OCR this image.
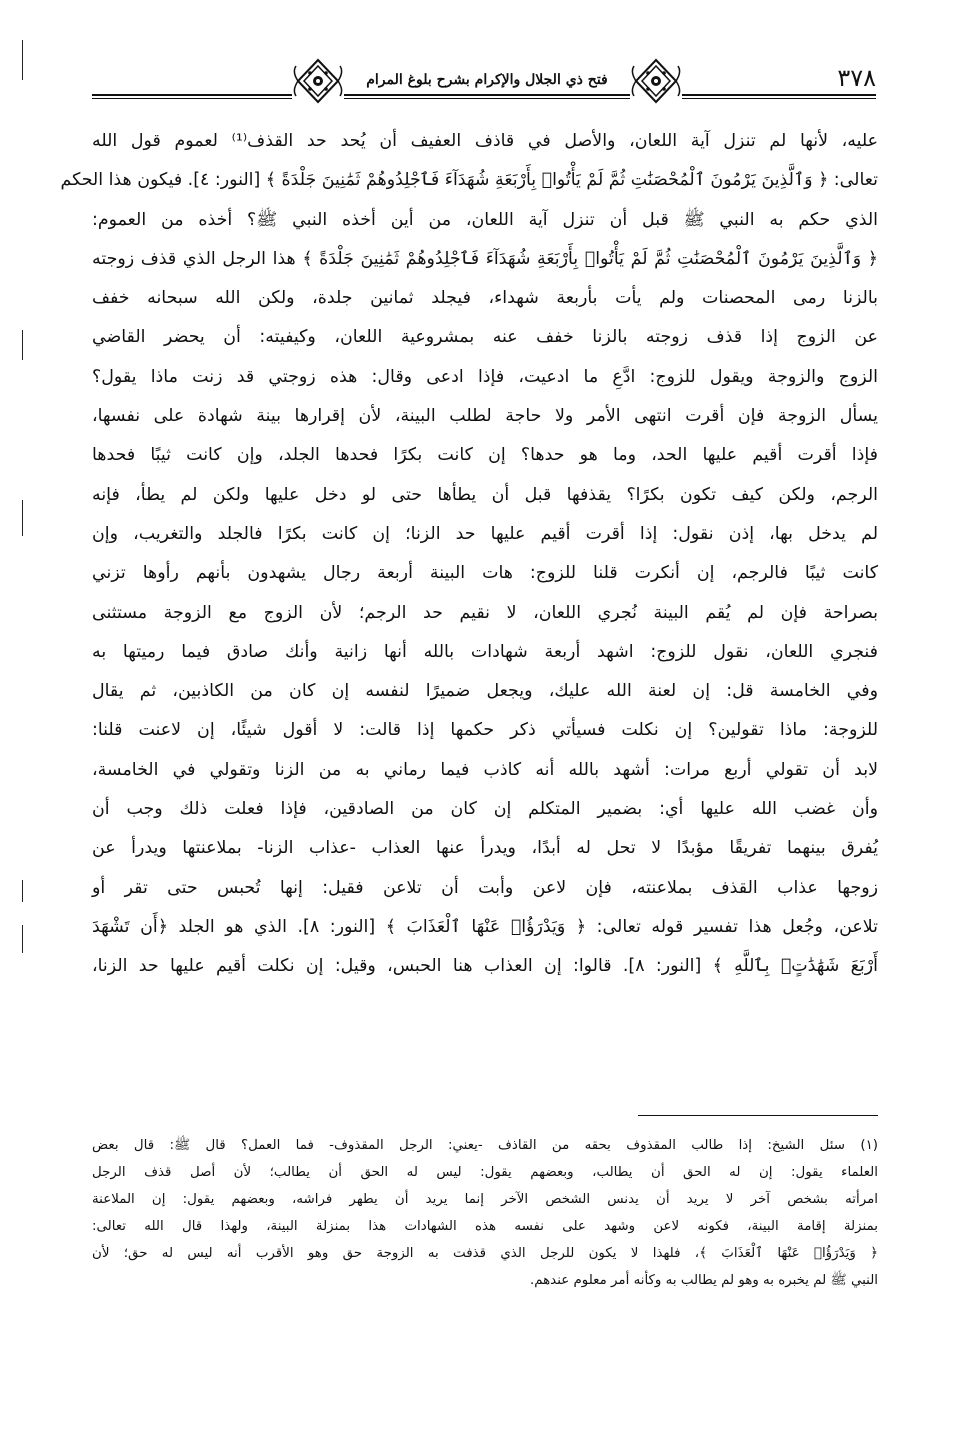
فتح ذي الجلال والإكرام بشرح بلوغ المرام	٣٧٨
عليه، لأنها لم تنزل آية اللعان، والأصل في قاذف العفيف أن يُحد حد القذف⁽¹⁾ لعموم قول الله
تعالى: ﴿ وَٱلَّذِينَ يَرْمُونَ ٱلْمُحْصَنَٰتِ ثُمَّ لَمْ يَأْتُوا۟ بِأَرْبَعَةِ شُهَدَآءَ فَٱجْلِدُوهُمْ ثَمَٰنِينَ جَلْدَةً ﴾ [النور: ٤]. فيكون هذا الحكم
الذي حكم به النبي ﷺ قبل أن تنزل آية اللعان، من أين أخذه النبي ﷺ؟ أخذه من العموم:
﴿ وَٱلَّذِينَ يَرْمُونَ ٱلْمُحْصَنَٰتِ ثُمَّ لَمْ يَأْتُوا۟ بِأَرْبَعَةِ شُهَدَآءَ فَٱجْلِدُوهُمْ ثَمَٰنِينَ جَلْدَةً ﴾ هذا الرجل الذي قذف زوجته
بالزنا رمى المحصنات ولم يأت بأربعة شهداء، فيجلد ثمانين جلدة، ولكن الله سبحانه خفف
عن الزوج إذا قذف زوجته بالزنا خفف عنه بمشروعية اللعان، وكيفيته: أن يحضر القاضي
الزوج والزوجة ويقول للزوج: ادَّعِ ما ادعيت، فإذا ادعى وقال: هذه زوجتي قد زنت ماذا يقول؟
يسأل الزوجة فإن أقرت انتهى الأمر ولا حاجة لطلب البينة، لأن إقرارها بينة شهادة على نفسها،
فإذا أقرت أقيم عليها الحد، وما هو حدها؟ إن كانت بكرًا فحدها الجلد، وإن كانت ثيبًا فحدها
الرجم، ولكن كيف تكون بكرًا؟ يقذفها قبل أن يطأها حتى لو دخل عليها ولكن لم يطأ، فإنه
لم يدخل بها، إذن نقول: إذا أقرت أقيم عليها حد الزنا؛ إن كانت بكرًا فالجلد والتغريب، وإن
كانت ثيبًا فالرجم، إن أنكرت قلنا للزوج: هات البينة أربعة رجال يشهدون بأنهم رأوها تزني
بصراحة فإن لم يُقم البينة نُجري اللعان، لا نقيم حد الرجم؛ لأن الزوج مع الزوجة مستثنى
فنجري اللعان، نقول للزوج: اشهد أربعة شهادات بالله أنها زانية وأنك صادق فيما رميتها به
وفي الخامسة قل: إن لعنة الله عليك، ويجعل ضميرًا لنفسه إن كان من الكاذبين، ثم يقال
للزوجة: ماذا تقولين؟ إن نكلت فسيأتي ذكر حكمها إذا قالت: لا أقول شيئًا، إن لاعنت قلنا:
لابد أن تقولي أربع مرات: أشهد بالله أنه كاذب فيما رماني به من الزنا وتقولي في الخامسة،
وأن غضب الله عليها أي: بضمير المتكلم إن كان من الصادقين، فإذا فعلت ذلك وجب أن
يُفرق بينهما تفريقًا مؤبدًا لا تحل له أبدًا، ويدرأ عنها العذاب -عذاب الزنا- بملاعنتها ويدرأ عن
زوجها عذاب القذف بملاعنته، فإن لاعن وأبت أن تلاعن فقيل: إنها تُحبس حتى تقر أو
تلاعن، وجُعل هذا تفسير قوله تعالى: ﴿ وَيَدْرَؤُا۟ عَنْهَا ٱلْعَذَابَ ﴾ [النور: ٨]. الذي هو الجلد ﴿أَن تَشْهَدَ
أَرْبَعَ شَهَٰدَٰتٍۭ بِٱللَّهِ ﴾ [النور: ٨]. قالوا: إن العذاب هنا الحبس، وقيل: إن نكلت أقيم عليها حد الزنا،
(١) سئل الشيخ: إذا طالب المقذوف بحقه من القاذف -يعني: الرجل المقذوف- فما العمل؟ قال ﷺ: قال بعض
العلماء يقول: إن له الحق أن يطالب، وبعضهم يقول: ليس له الحق أن يطالب؛ لأن أصل قذف الرجل
امرأته بشخص آخر لا يريد أن يدنس الشخص الآخر إنما يريد أن يطهر فراشه، وبعضهم يقول: إن الملاعنة
بمنزلة إقامة البينة، فكونه لاعن وشهد على نفسه هذه الشهادات هذا بمنزلة البينة، ولهذا قال الله تعالى:
﴿ وَيَدْرَؤُا۟ عَنْهَا ٱلْعَذَابَ ﴾، فلهذا لا يكون للرجل الذي قذفت به الزوجة حق وهو الأقرب أنه ليس له حق؛ لأن
النبي ﷺ لم يخبره به وهو لم يطالب به وكأنه أمر معلوم عندهم.
